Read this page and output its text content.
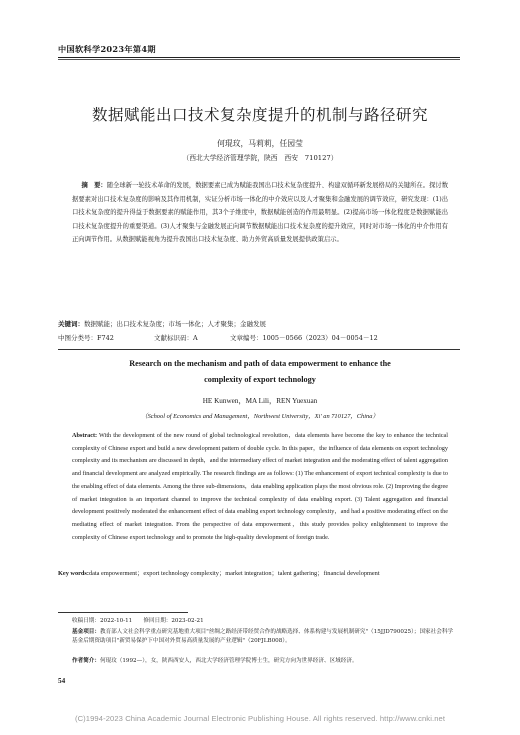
中国软科学2023年第4期
数据赋能出口技术复杂度提升的机制与路径研究
何琨玟，马莉莉，任园莹
（西北大学经济管理学院，陕西　西安　710127）
摘　要：随全球新一轮技术革命的发展，数据要素已成为赋能我国出口技术复杂度提升、构建双循环新发展格局的关键所在。探讨数据要素对出口技术复杂度的影响及其作用机制，实证分析市场一体化的中介效应以及人才聚集和金融发展的调节效应，研究发现：(1)出口技术复杂度的提升得益于数据要素的赋能作用，其3个子维度中，数据赋能创造的作用最明显。(2)提高市场一体化程度是数据赋能出口技术复杂度提升的重要渠道。(3)人才聚集与金融发展正向调节数据赋能出口技术复杂度的提升效应，同时对市场一体化的中介作用有正向调节作用。从数据赋能视角为提升我国出口技术复杂度、助力外贸高质量发展提供政策启示。
关键词：数据赋能；出口技术复杂度；市场一体化；人才聚集；金融发展
中图分类号：F742	文献标识码：A	文章编号：1005－0566（2023）04－0054－12
Research on the mechanism and path of data empowerment to enhance the complexity of export technology
HE Kunwen，MA Lili，REN Yuexuan
（School of Economics and Management，Northwest University，Xi' an 710127，China）
Abstract: With the development of the new round of global technological revolution，data elements have become the key to enhance the technical complexity of Chinese export and build a new development pattern of double cycle. In this paper，the influence of data elements on export technology complexity and its mechanism are discussed in depth，and the intermediary effect of market integration and the moderating effect of talent aggregation and financial development are analyzed empirically. The research findings are as follows: (1) The enhancement of export technical complexity is due to the enabling effect of data elements. Among the three sub-dimensions，data enabling application plays the most obvious role. (2) Improving the degree of market integration is an important channel to improve the technical complexity of data enabling export. (3) Talent aggregation and financial development positively moderated the enhancement effect of data enabling export technology complexity，and had a positive moderating effect on the mediating effect of market integration. From the perspective of data empowerment，this study provides policy enlightenment to improve the complexity of Chinese export technology and to promote the high-quality development of foreign trade.
Key words:data empowerment；export technology complexity；market integration；talent gathering；financial development
收稿日期：2022-10-11　　修回日期：2023-02-21
基金项目：教育部人文社会科学重点研究基地重大项目"丝绸之路经济带经贸合作的战略选择、体系构建与发展机制研究"（15JJD790025）；国家社会科学基金后期资助项目"新贸易保护下中国对外贸易高质量发展的产业逻辑"（20FJLB008）。
作者简介：何琨玟（1992—），女，陕西西安人，西北大学经济管理学院博士生，研究方向为世界经济、区域经济。
54
(C)1994-2023 China Academic Journal Electronic Publishing House. All rights reserved. http://www.cnki.net
